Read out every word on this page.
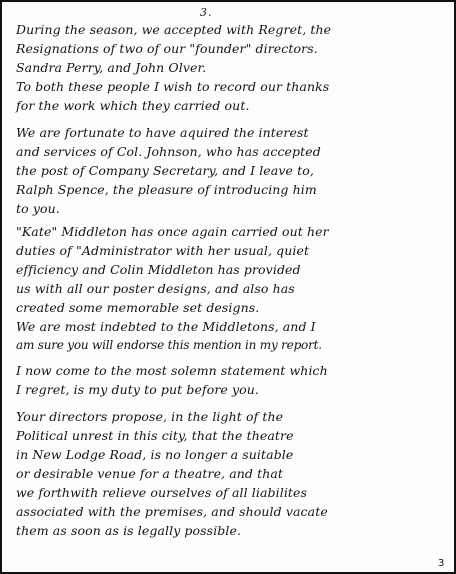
3.
During the season, we accepted with Regret, the
Resignations of two of our "founder" directors.
Sandra Perry, and John Olver.
To both these people I wish to record our thanks
for the work which they carried out.
We are fortunate to have aquired the interest
and services of Col. Johnson, who has accepted
the post of Company Secretary, and I leave to,
Ralph Spence, the pleasure of introducing him
to you.
"Kate" Middleton has once again carried out her
duties of "Administrator with her usual, quiet
efficiency and Colin Middleton has provided
us with all our poster designs, and also has
created some memorable set designs.
We are most indebted to the Middletons, and I
am sure you will endorse this mention in my report.
I now come to the most solemn statement which
I regret, is my duty to put before you.
Your directors propose, in the light of the
Political unrest in this city, that the theatre
in New Lodge Road, is no longer a suitable
or desirable venue for a theatre, and that
we forthwith relieve ourselves of all liabilites
associated with the premises, and should vacate
them as soon as is legally possible.
3
